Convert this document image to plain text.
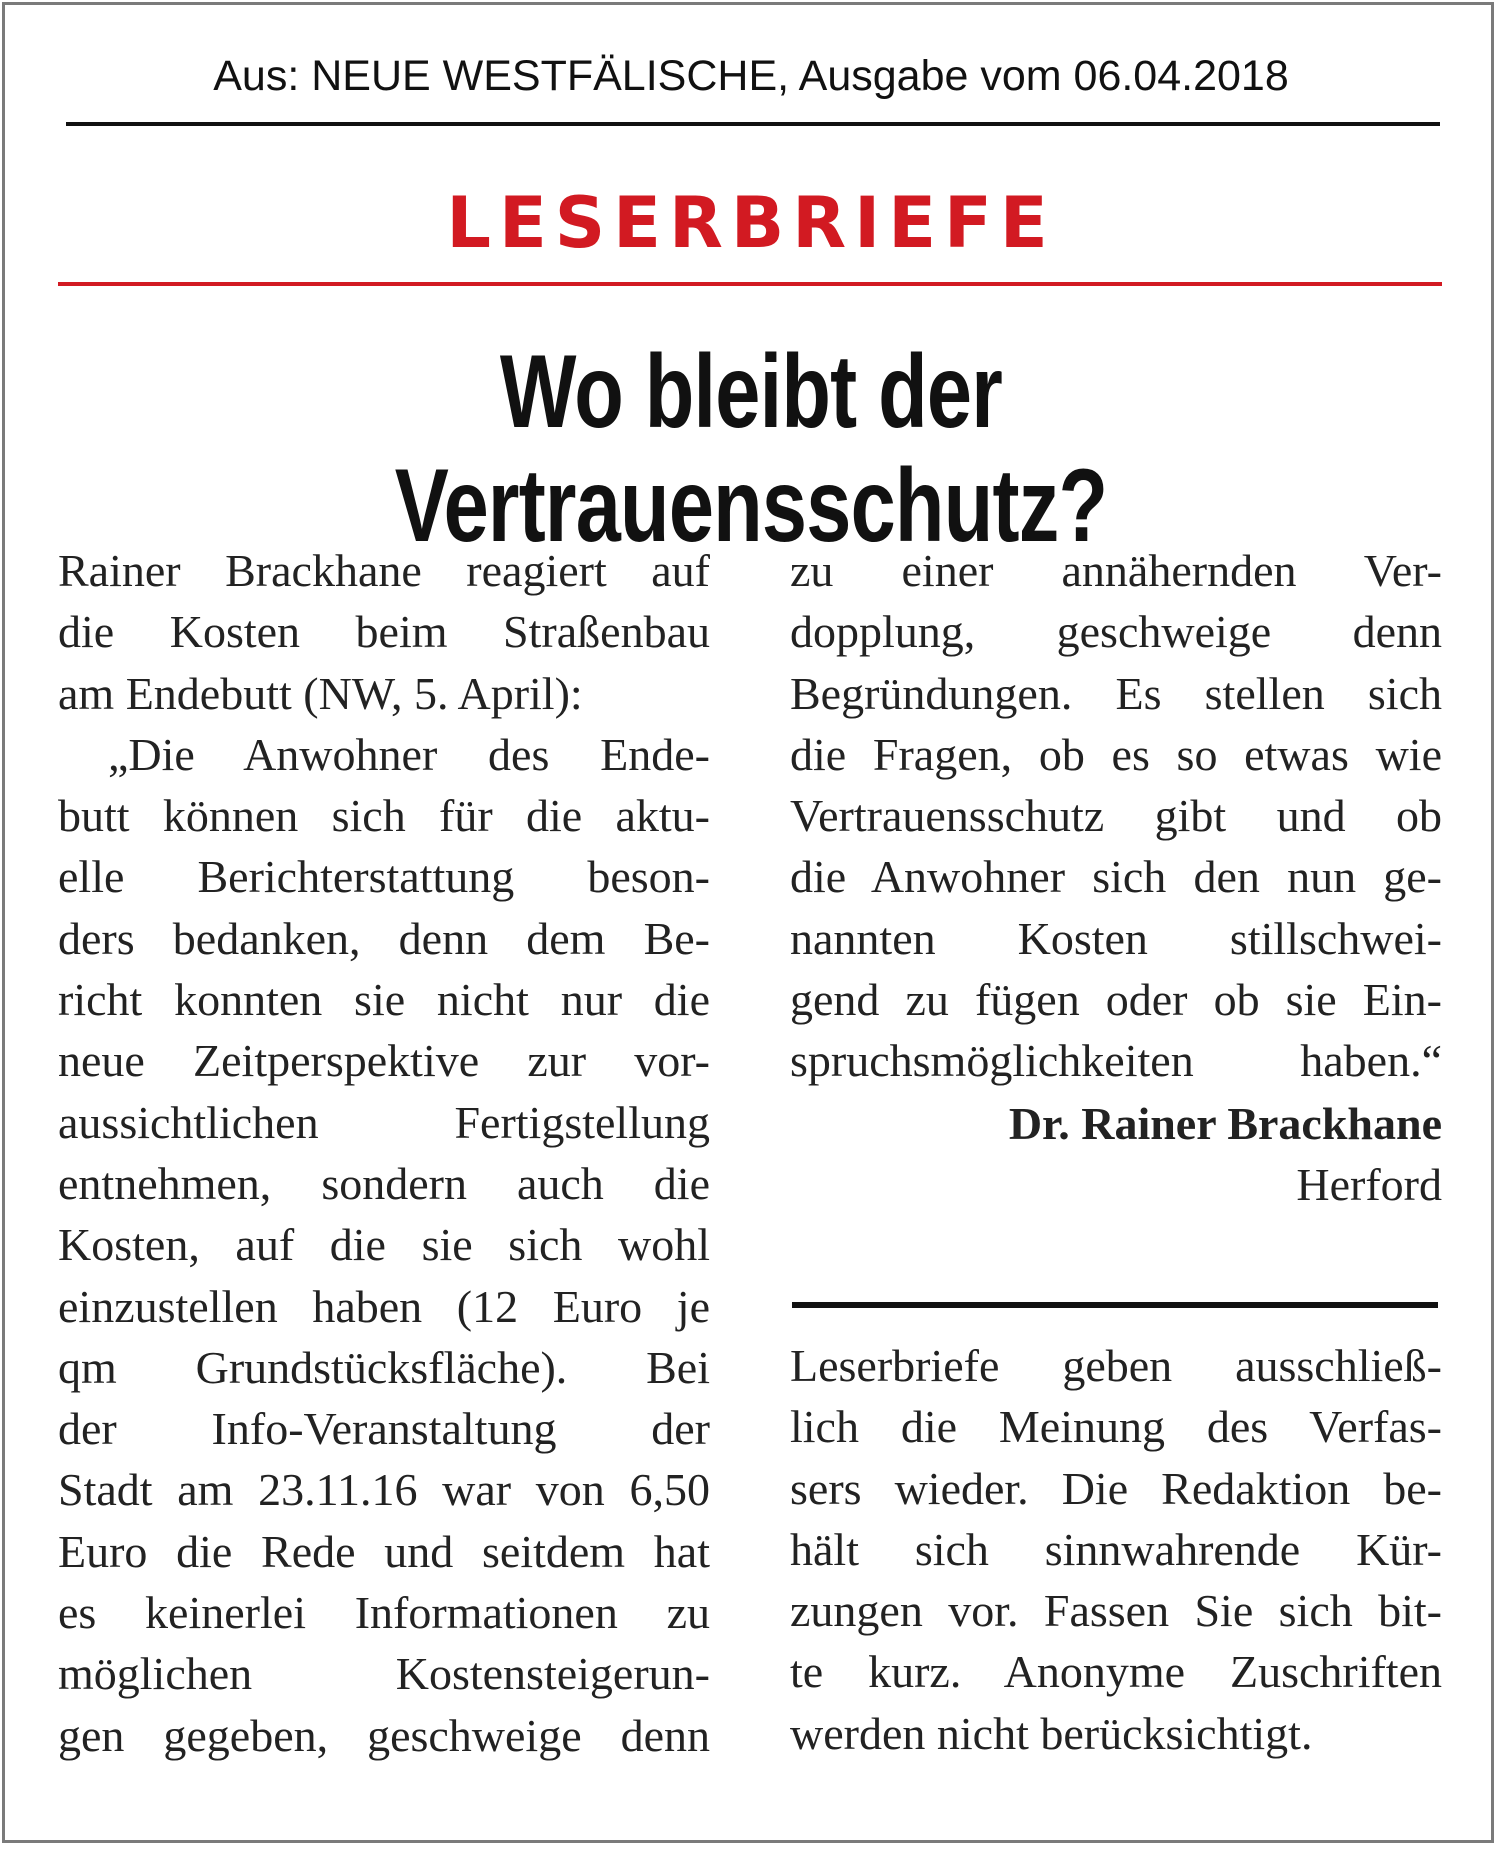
Aus: NEUE WESTFÄLISCHE, Ausgabe vom 06.04.2018
LESERBRIEFE
Wo bleibt der Vertrauensschutz?
Rainer Brackhane reagiert auf
die Kosten beim Straßenbau
am Endebutt (NW, 5. April):
„Die Anwohner des Ende-
butt können sich für die aktu-
elle Berichterstattung beson-
ders bedanken, denn dem Be-
richt konnten sie nicht nur die
neue Zeitperspektive zur vor-
aussichtlichen Fertigstellung
entnehmen, sondern auch die
Kosten, auf die sie sich wohl
einzustellen haben (12 Euro je
qm Grundstücksfläche). Bei
der Info-Veranstaltung der
Stadt am 23.11.16 war von 6,50
Euro die Rede und seitdem hat
es keinerlei Informationen zu
möglichen Kostensteigerun-
gen gegeben, geschweige denn
zu einer annähernden Ver-
dopplung, geschweige denn
Begründungen. Es stellen sich
die Fragen, ob es so etwas wie
Vertrauensschutz gibt und ob
die Anwohner sich den nun ge-
nannten Kosten stillschwei-
gend zu fügen oder ob sie Ein-
spruchsmöglichkeiten haben.“
Dr. Rainer Brackhane
Herford
Leserbriefe geben ausschließ-
lich die Meinung des Verfas-
sers wieder. Die Redaktion be-
hält sich sinnwahrende Kür-
zungen vor. Fassen Sie sich bit-
te kurz. Anonyme Zuschriften
werden nicht berücksichtigt.
